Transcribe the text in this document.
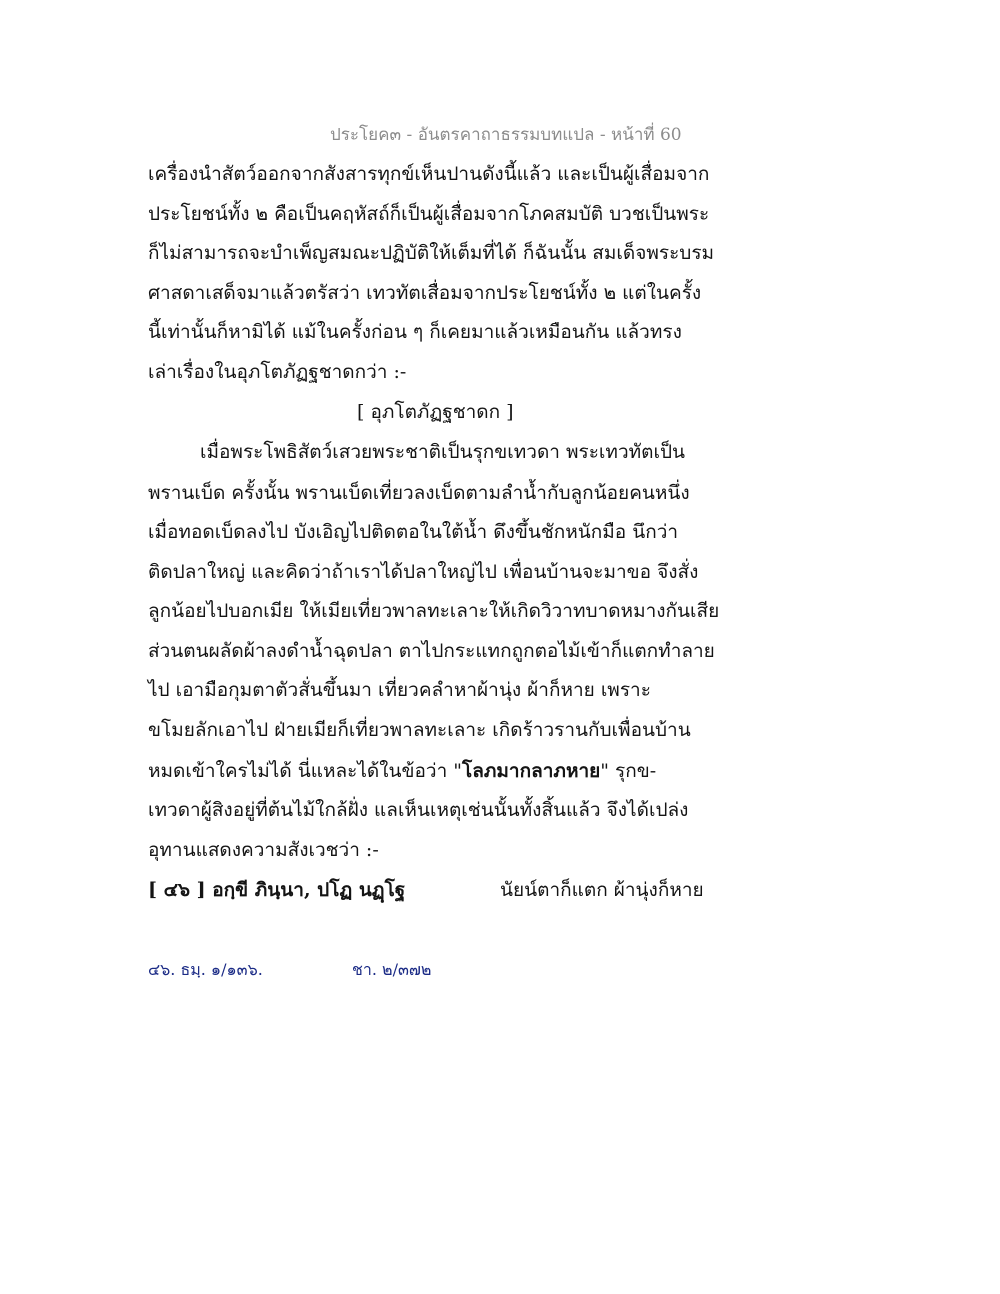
ประโยค๓ - อันตรคาถาธรรมบทแปล - หน้าที่ 60
เครื่องนำสัตว์ออกจากสังสารทุกข์เห็นปานดังนี้แล้ว และเป็นผู้เสื่อมจาก
ประโยชน์ทั้ง ๒ คือเป็นคฤหัสถ์ก็เป็นผู้เสื่อมจากโภคสมบัติ บวชเป็นพระ
ก็ไม่สามารถจะบำเพ็ญสมณะปฏิบัติให้เต็มที่ได้ ก็ฉันนั้น สมเด็จพระบรม
ศาสดาเสด็จมาแล้วตรัสว่า เทวทัตเสื่อมจากประโยชน์ทั้ง ๒ แต่ในครั้ง
นี้เท่านั้นก็หามิได้ แม้ในครั้งก่อน ๆ ก็เคยมาแล้วเหมือนกัน แล้วทรง
เล่าเรื่องในอุภโตภัฏฐชาดกว่า :-
[ อุภโตภัฏฐชาดก ]
เมื่อพระโพธิสัตว์เสวยพระชาติเป็นรุกขเทวดา พระเทวทัตเป็น
พรานเบ็ด ครั้งนั้น พรานเบ็ดเที่ยวลงเบ็ดตามลำน้ำกับลูกน้อยคนหนึ่ง
เมื่อทอดเบ็ดลงไป บังเอิญไปติดตอในใต้น้ำ ดึงขึ้นชักหนักมือ นึกว่า
ติดปลาใหญ่ และคิดว่าถ้าเราได้ปลาใหญ่ไป เพื่อนบ้านจะมาขอ จึงสั่ง
ลูกน้อยไปบอกเมีย ให้เมียเที่ยวพาลทะเลาะให้เกิดวิวาทบาดหมางกันเสีย
ส่วนตนผลัดผ้าลงดำน้ำฉุดปลา ตาไปกระแทกถูกตอไม้เข้าก็แตกทำลาย
ไป เอามือกุมตาตัวสั่นขึ้นมา เที่ยวคลำหาผ้านุ่ง ผ้าก็หาย เพราะ
ขโมยลักเอาไป ฝ่ายเมียก็เที่ยวพาลทะเลาะ เกิดร้าวรานกับเพื่อนบ้าน
หมดเข้าใครไม่ได้ นี่แหละได้ในข้อว่า "โลภมากลาภหาย" รุกข-
เทวดาผู้สิงอยู่ที่ต้นไม้ใกล้ฝั่ง แลเห็นเหตุเช่นนั้นทั้งสิ้นแล้ว จึงได้เปล่ง
อุทานแสดงความสังเวชว่า :-
[ ๔๖ ] อกฺขี ภินฺนา, ปโฏ นฏฺโฐ	นัยน์ตาก็แตก ผ้านุ่งก็หาย
๔๖. ธมฺ. ๑/๑๓๖.	ชา. ๒/๓๗๒
